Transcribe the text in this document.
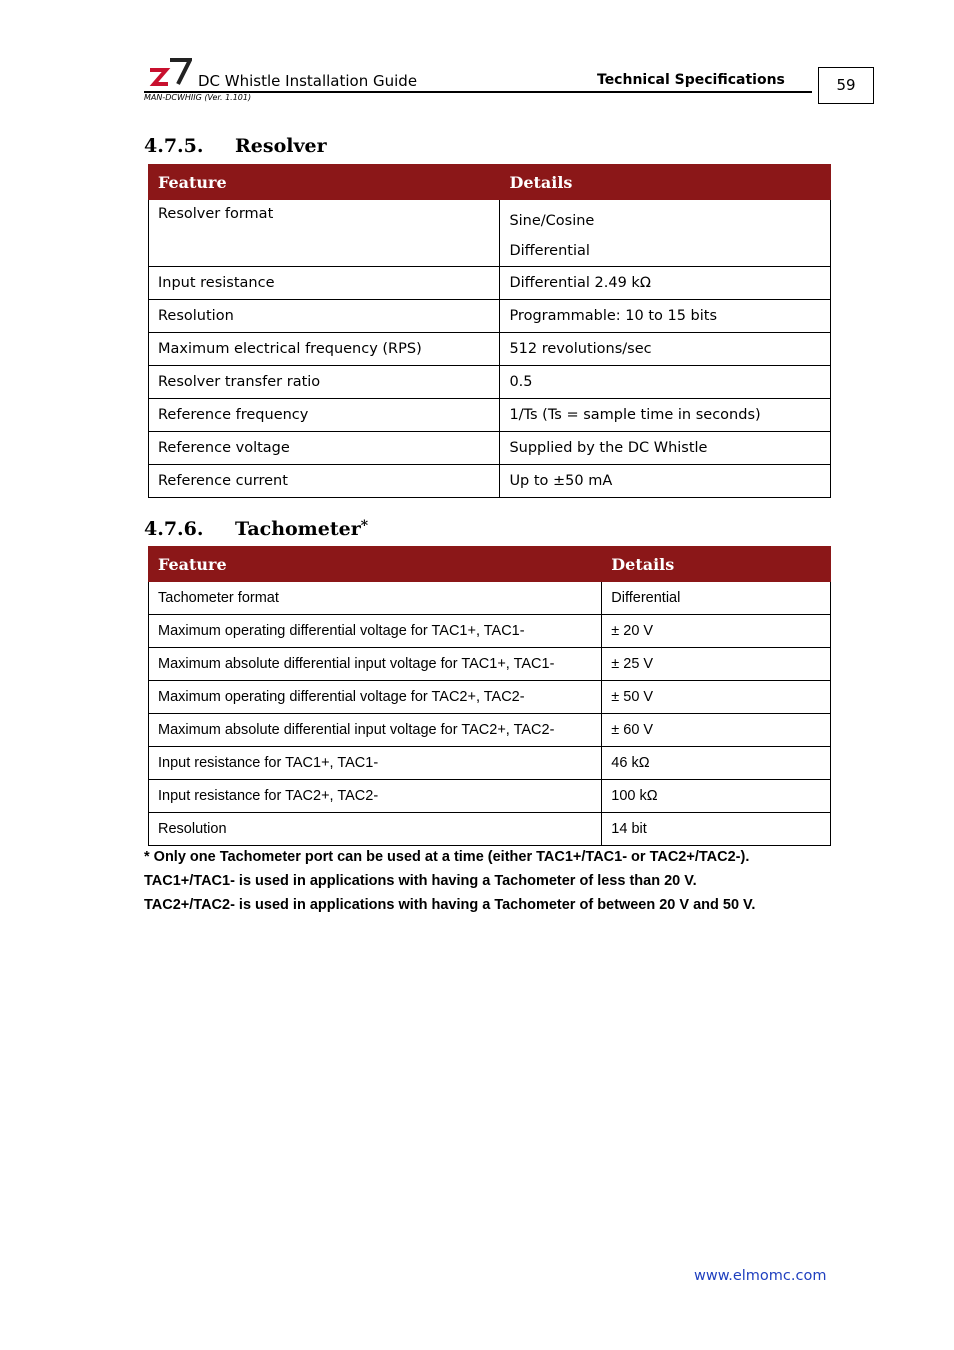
DC Whistle Installation Guide	Technical Specifications
MAN-DCWHIIG (Ver. 1.101)
59
4.7.5. Resolver
Feature	Details
Resolver format	Sine/Cosine
Differential

Input resistance	Differential 2.49 kΩ
Resolution	Programmable: 10 to 15 bits
Maximum electrical frequency (RPS)	512 revolutions/sec
Resolver transfer ratio	0.5
Reference frequency	1/Ts (Ts = sample time in seconds)
Reference voltage	Supplied by the DC Whistle
Reference current	Up to ±50 mA
4.7.6. Tachometer*
Feature	Details
Tachometer format	Differential
Maximum operating differential voltage for TAC1+, TAC1-	± 20 V
Maximum absolute differential input voltage for TAC1+, TAC1-	± 25 V
Maximum operating differential voltage for TAC2+, TAC2-	± 50 V
Maximum absolute differential input voltage for TAC2+, TAC2-	± 60 V
Input resistance for TAC1+, TAC1-	46 kΩ
Input resistance for TAC2+, TAC2-	100 kΩ
Resolution	14 bit

* Only one Tachometer port can be used at a time (either TAC1+/TAC1- or TAC2+/TAC2-).

TAC1+/TAC1- is used in applications with having a Tachometer of less than 20 V.

TAC2+/TAC2- is used in applications with having a Tachometer of between 20 V and 50 V.

www.elmomc.com
